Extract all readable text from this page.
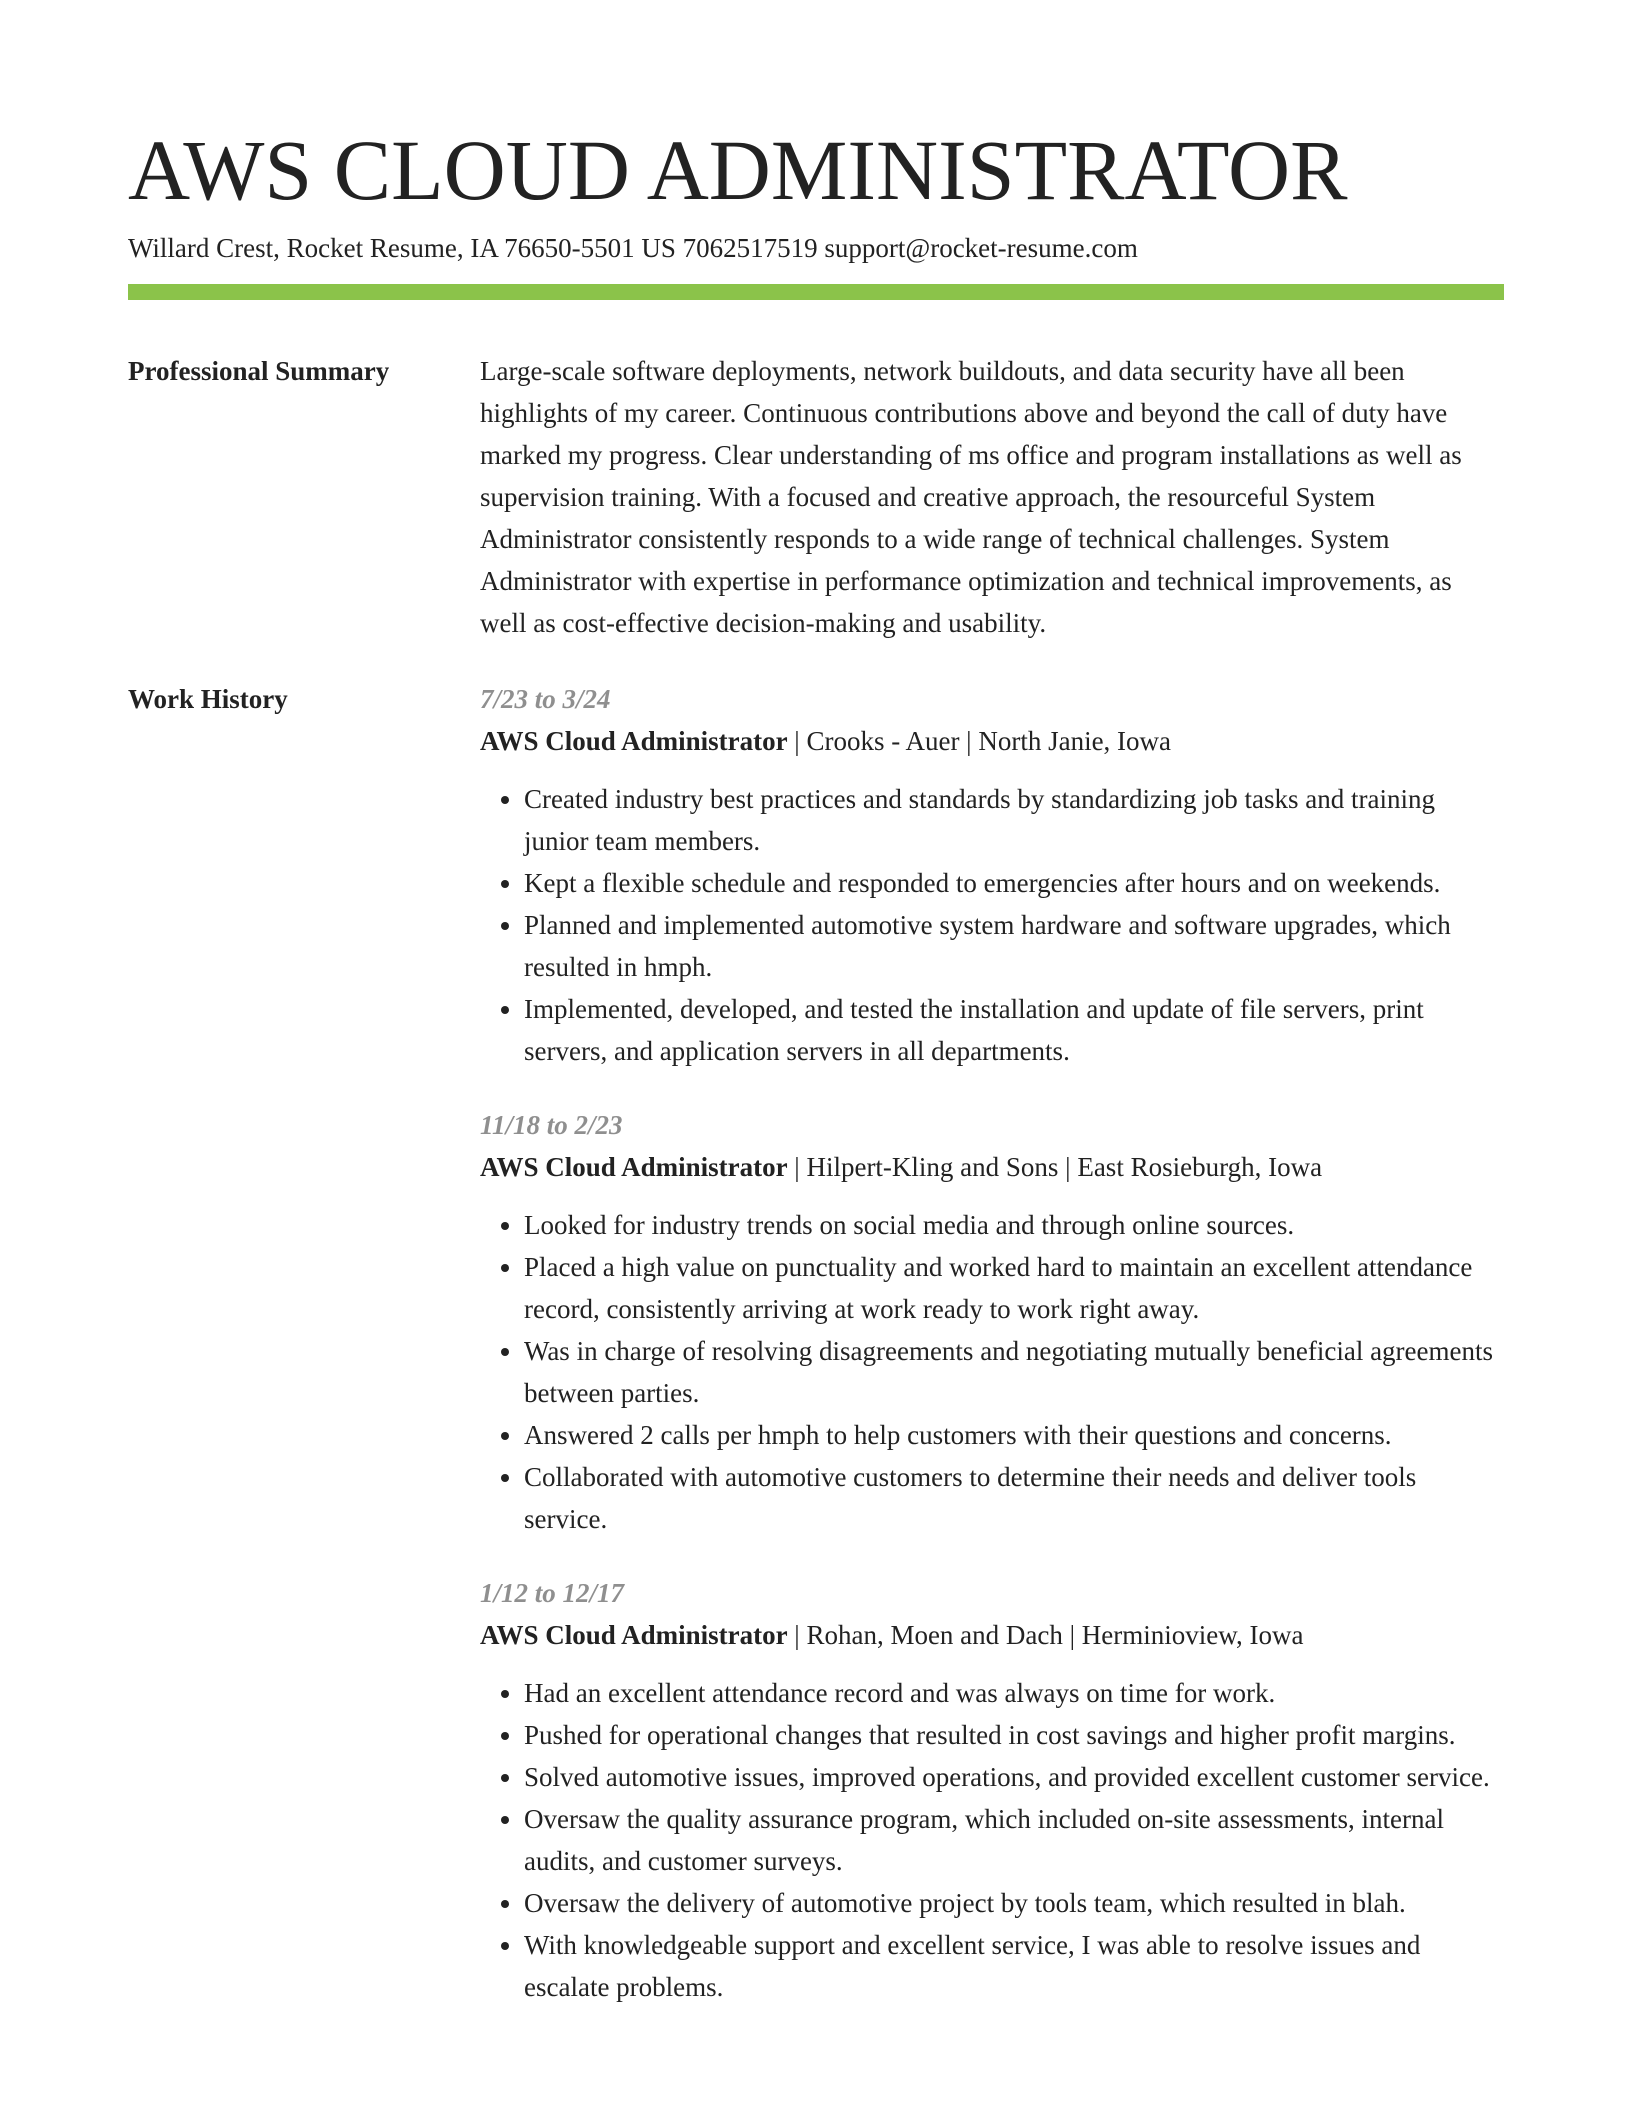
AWS CLOUD ADMINISTRATOR
Willard Crest, Rocket Resume, IA 76650-5501 US 7062517519 support@rocket-resume.com
Professional Summary	Large-scale software deployments, network buildouts, and data security have all been highlights of my career. Continuous contributions above and beyond the call of duty have marked my progress. Clear understanding of ms office and program installations as well as supervision training. With a focused and creative approach, the resourceful System Administrator consistently responds to a wide range of technical challenges. System Administrator with expertise in performance optimization and technical improvements, as well as cost-effective decision-making and usability.

Work History	7/23 to 3/24
AWS Cloud Administrator | Crooks - Auer | North Janie, Iowa
• Created industry best practices and standards by standardizing job tasks and training junior team members.
• Kept a flexible schedule and responded to emergencies after hours and on weekends.
• Planned and implemented automotive system hardware and software upgrades, which resulted in hmph.
• Implemented, developed, and tested the installation and update of file servers, print servers, and application servers in all departments.
11/18 to 2/23
AWS Cloud Administrator | Hilpert-Kling and Sons | East Rosieburgh, Iowa
• Looked for industry trends on social media and through online sources.
• Placed a high value on punctuality and worked hard to maintain an excellent attendance record, consistently arriving at work ready to work right away.
• Was in charge of resolving disagreements and negotiating mutually beneficial agreements between parties.
• Answered 2 calls per hmph to help customers with their questions and concerns.
• Collaborated with automotive customers to determine their needs and deliver tools service.
1/12 to 12/17
AWS Cloud Administrator | Rohan, Moen and Dach | Herminioview, Iowa
• Had an excellent attendance record and was always on time for work.
• Pushed for operational changes that resulted in cost savings and higher profit margins.
• Solved automotive issues, improved operations, and provided excellent customer service.
• Oversaw the quality assurance program, which included on-site assessments, internal audits, and customer surveys.
• Oversaw the delivery of automotive project by tools team, which resulted in blah.
• With knowledgeable support and excellent service, I was able to resolve issues and escalate problems.
